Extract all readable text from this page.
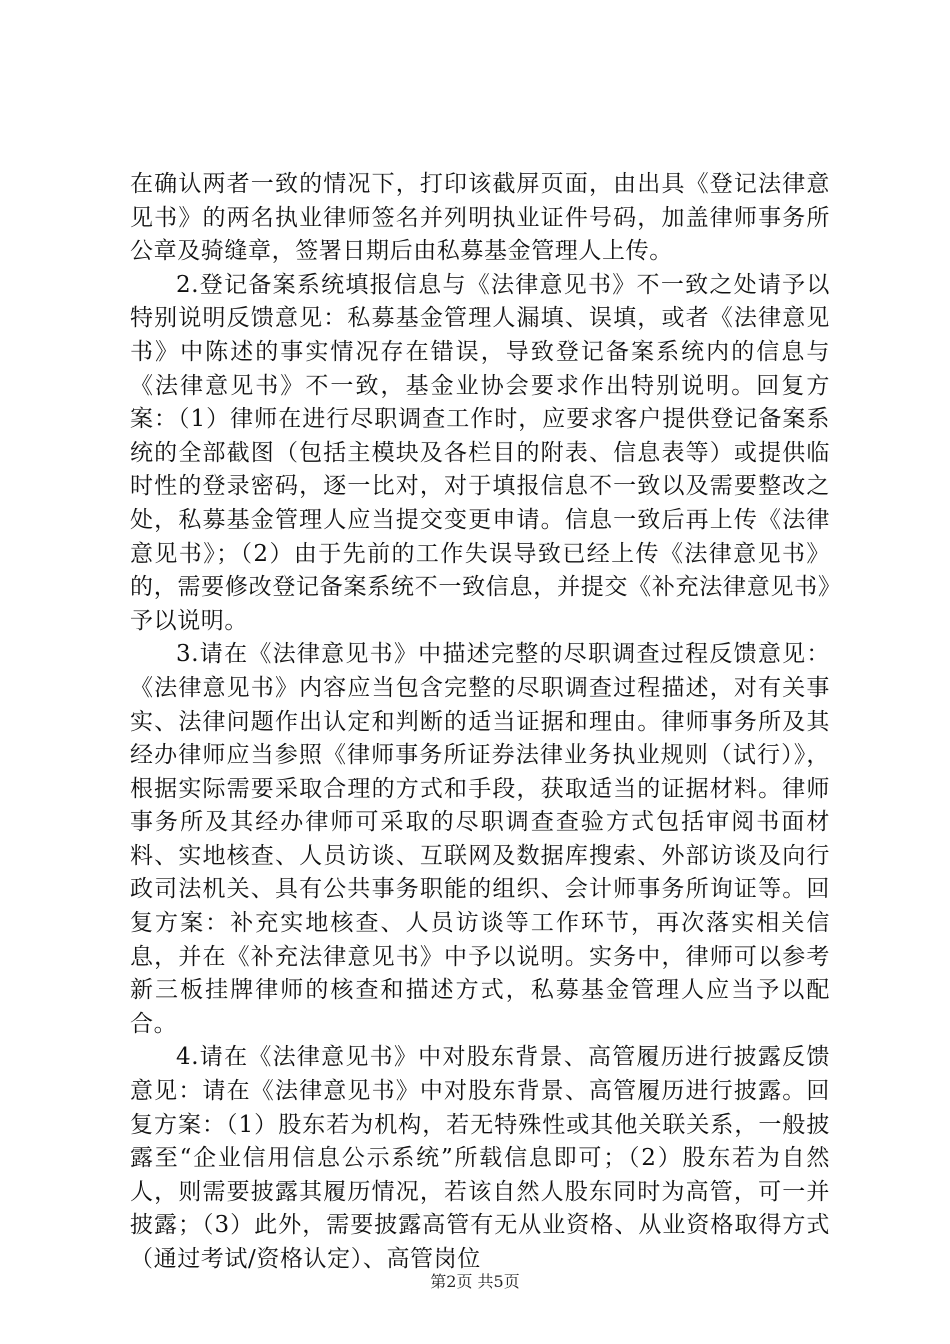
在确认两者一致的情况下，打印该截屏页面，由出具《登记法律意见书》的两名执业律师签名并列明执业证件号码，加盖律师事务所公章及骑缝章，签署日期后由私募基金管理人上传。

2.登记备案系统填报信息与《法律意见书》不一致之处请予以特别说明反馈意见：私募基金管理人漏填、误填，或者《法律意见书》中陈述的事实情况存在错误，导致登记备案系统内的信息与《法律意见书》不一致，基金业协会要求作出特别说明。回复方案：（1）律师在进行尽职调查工作时，应要求客户提供登记备案系统的全部截图（包括主模块及各栏目的附表、信息表等）或提供临时性的登录密码，逐一比对，对于填报信息不一致以及需要整改之处，私募基金管理人应当提交变更申请。信息一致后再上传《法律意见书》；（2）由于先前的工作失误导致已经上传《法律意见书》的，需要修改登记备案系统不一致信息，并提交《补充法律意见书》予以说明。

3.请在《法律意见书》中描述完整的尽职调查过程反馈意见：《法律意见书》内容应当包含完整的尽职调查过程描述，对有关事实、法律问题作出认定和判断的适当证据和理由。律师事务所及其经办律师应当参照《律师事务所证券法律业务执业规则（试行）》，根据实际需要采取合理的方式和手段，获取适当的证据材料。律师事务所及其经办律师可采取的尽职调查查验方式包括审阅书面材料、实地核查、人员访谈、互联网及数据库搜索、外部访谈及向行政司法机关、具有公共事务职能的组织、会计师事务所询证等。回复方案：补充实地核查、人员访谈等工作环节，再次落实相关信息，并在《补充法律意见书》中予以说明。实务中，律师可以参考新三板挂牌律师的核查和描述方式，私募基金管理人应当予以配合。

4.请在《法律意见书》中对股东背景、高管履历进行披露反馈意见：请在《法律意见书》中对股东背景、高管履历进行披露。回复方案：（1）股东若为机构，若无特殊性或其他关联关系，一般披露至“企业信用信息公示系统”所载信息即可；（2）股东若为自然人，则需要披露其履历情况，若该自然人股东同时为高管，可一并披露；（3）此外，需要披露高管有无从业资格、从业资格取得方式（通过考试/资格认定）、高管岗位

第2页 共5页
